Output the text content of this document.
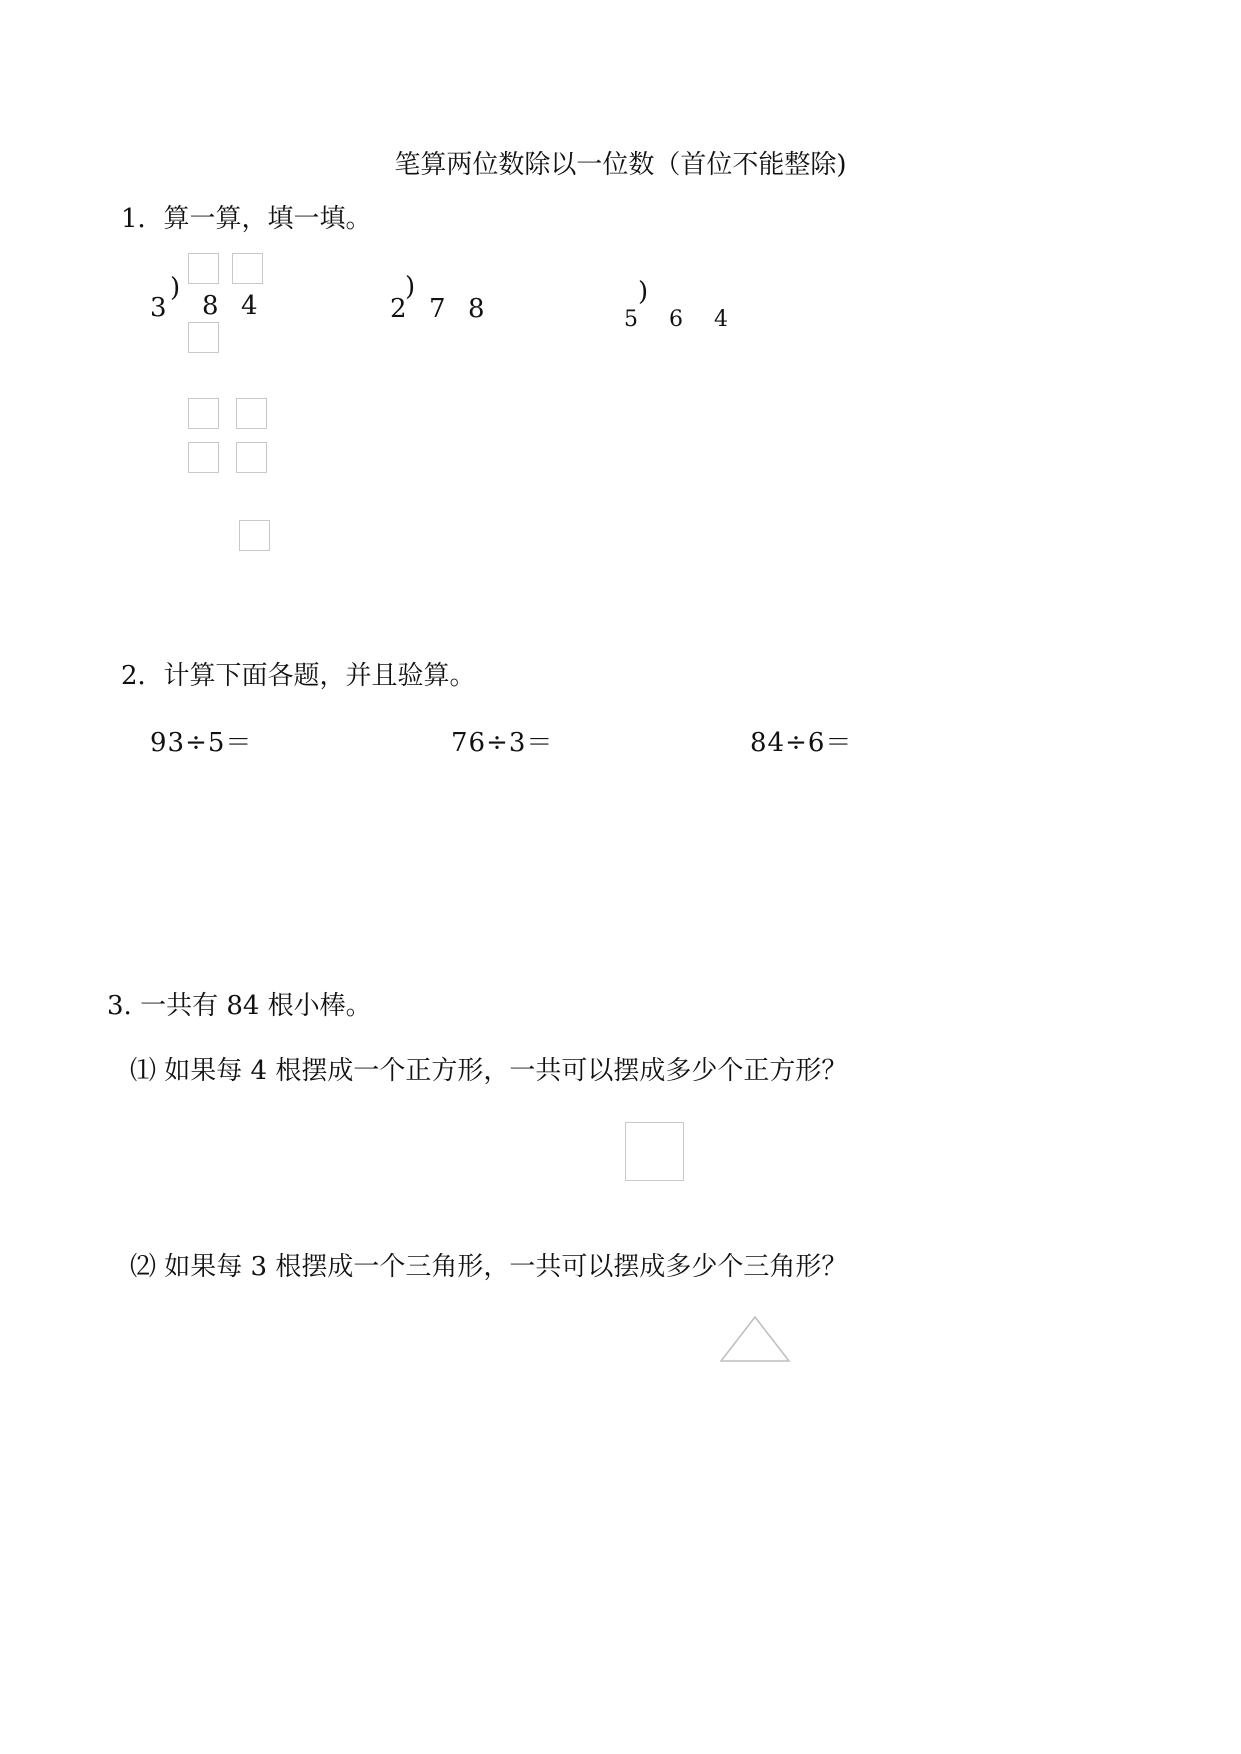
笔算两位数除以一位数（首位不能整除)
1．算一算，填一填。
3
)
8 4	2
)
7 8
)
5 6 4
2．计算下面各题，并且验算。
93÷5＝	76÷3＝	84÷6＝
3. 一共有 84 根小棒。
⑴ 如果每 4 根摆成一个正方形，一共可以摆成多少个正方形？
⑵ 如果每 3 根摆成一个三角形，一共可以摆成多少个三角形？
